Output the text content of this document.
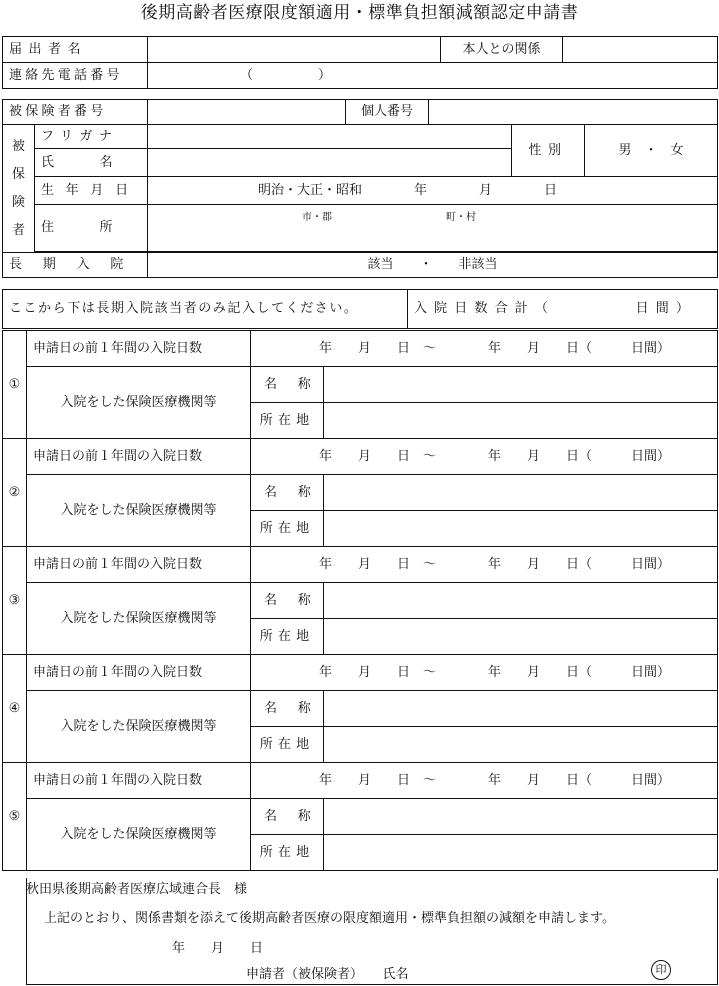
後期高齢者医療限度額適用・標準負担額減額認定申請書
届出者名		本人との関係	
連絡先電話番号	（　　　　　）		
被保険者番号			個人番号			

被
保
険
者	フリガナ				性別	男　・　女

	氏名					

	生年月日	明治・大正・昭和　　　　年　　　　月　　　　日				
	住所	市・郡 町・村				

長期入院		該当　　・　　非該当				
ここから下は長期入院該当者のみ記入してください。	入院日数合計（　　　　日間）
①	申請日の前１年間の入院日数	年　　月　　日　〜　　　　年　　月　　日（　　　日間）	
	入院をした保険医療機関等	名称	
		所在地	
②	申請日の前１年間の入院日数	年　　月　　日　〜　　　　年　　月　　日（　　　日間）	
	入院をした保険医療機関等	名称	
		所在地	
③	申請日の前１年間の入院日数	年　　月　　日　〜　　　　年　　月　　日（　　　日間）	
	入院をした保険医療機関等	名称	
		所在地	
④	申請日の前１年間の入院日数	年　　月　　日　〜　　　　年　　月　　日（　　　日間）	
	入院をした保険医療機関等	名称	
		所在地	
⑤	申請日の前１年間の入院日数	年　　月　　日　〜　　　　年　　月　　日（　　　日間）	
	入院をした保険医療機関等	名称	
		所在地	
秋田県後期高齢者医療広域連合長　様
上記のとおり、関係書類を添えて後期高齢者医療の限度額適用・標準負担額の減額を申請します。
年　　月　　日
申請者（被保険者）　　氏名	印
